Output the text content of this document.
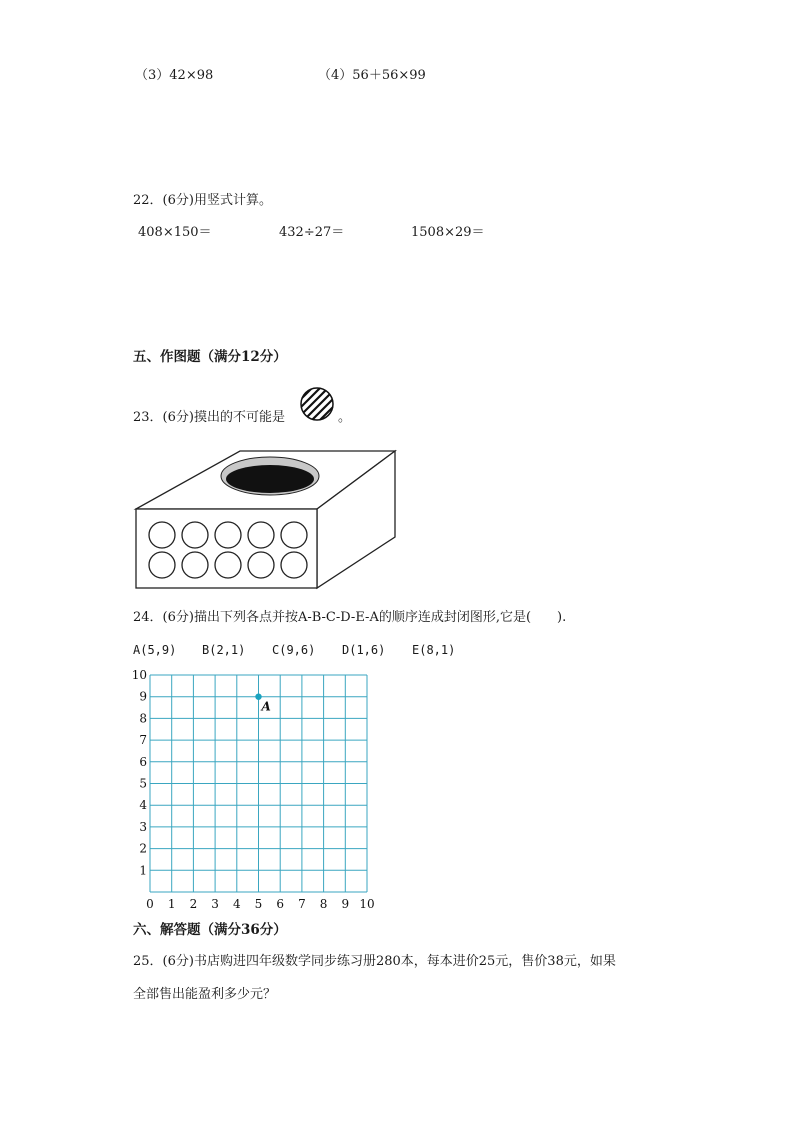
（3）42×98	（4）56＋56×99
22．(6分)用竖式计算。
408×150＝	432÷27＝	1508×29＝
五、作图题（满分12分）
23．(6分)摸出的不可能是	。
24．(6分)描出下列各点并按A-B-C-D-E-A的顺序连成封闭图形,它是(　　).
A(5,9) B(2,1) C(9,6) D(1,6) E(8,1)
0 1 2 3 4 5 6 7 8 9 10
1
2
3
4
5
6
7
8
9
10
A
六、解答题（满分36分）
25．(6分)书店购进四年级数学同步练习册280本，每本进价25元，售价38元，如果
全部售出能盈利多少元？
